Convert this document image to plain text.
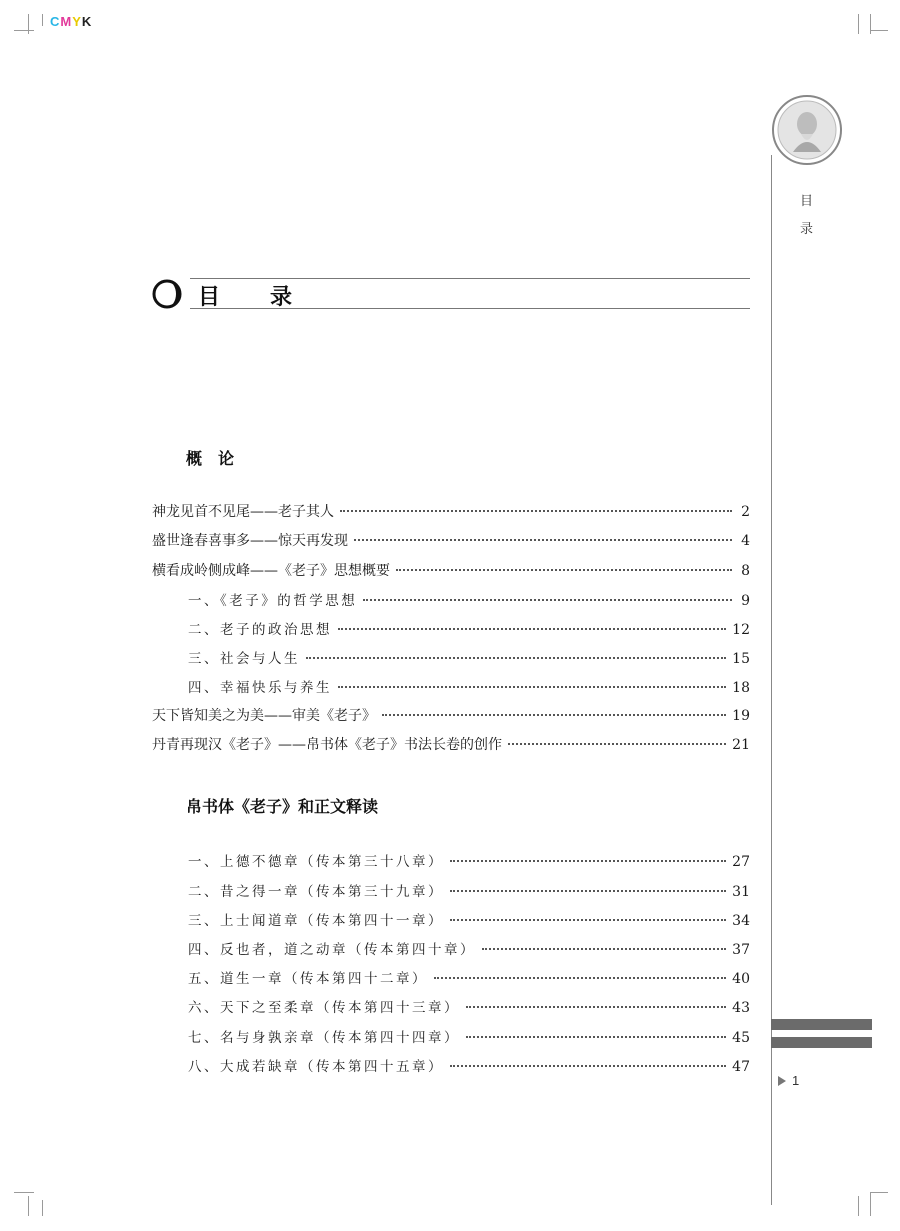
CMYK
目
录
1
目录
概　论
神龙见首不见尾——老子其人	2
盛世逢春喜事多——惊天再发现	4
横看成岭侧成峰——《老子》思想概要	8
一、《老子》的哲学思想	9
二、老子的政治思想	12
三、社会与人生	15
四、幸福快乐与养生	18
天下皆知美之为美——审美《老子》	19
丹青再现汉《老子》——帛书体《老子》书法长卷的创作	21
帛书体《老子》和正文释读
一、上德不德章（传本第三十八章）	27
二、昔之得一章（传本第三十九章）	31
三、上士闻道章（传本第四十一章）	34
四、反也者，道之动章（传本第四十章）	37
五、道生一章（传本第四十二章）	40
六、天下之至柔章（传本第四十三章）	43
七、名与身孰亲章（传本第四十四章）	45
八、大成若缺章（传本第四十五章）	47
